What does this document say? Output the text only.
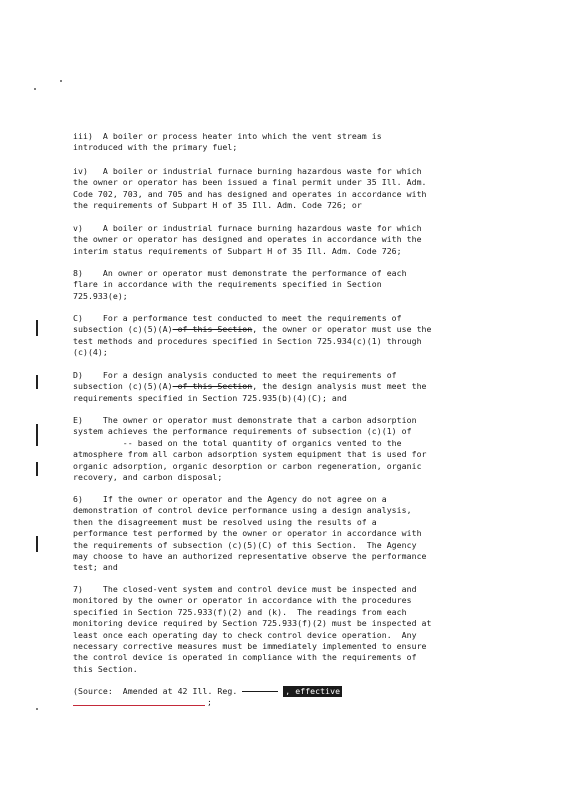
iii)  A boiler or process heater into which the vent stream is
introduced with the primary fuel;
iv)   A boiler or industrial furnace burning hazardous waste for which
the owner or operator has been issued a final permit under 35 Ill. Adm.
Code 702, 703, and 705 and has designed and operates in accordance with
the requirements of Subpart H of 35 Ill. Adm. Code 726; or
v)    A boiler or industrial furnace burning hazardous waste for which
the owner or operator has designed and operates in accordance with the
interim status requirements of Subpart H of 35 Ill. Adm. Code 726;
8)    An owner or operator must demonstrate the performance of each
flare in accordance with the requirements specified in Section
725.933(e);
C)    For a performance test conducted to meet the requirements of
subsection (c)(5)(A) of this Section, the owner or operator must use the
test methods and procedures specified in Section 725.934(c)(1) through
(c)(4);
D)    For a design analysis conducted to meet the requirements of
subsection (c)(5)(A) of this Section, the design analysis must meet the
requirements specified in Section 725.935(b)(4)(C); and
E)    The owner or operator must demonstrate that a carbon adsorption
system achieves the performance requirements of subsection (c)(1) of
-- based on the total quantity of organics vented to the
atmosphere from all carbon adsorption system equipment that is used for
organic adsorption, organic desorption or carbon regeneration, organic
recovery, and carbon disposal;
6)    If the owner or operator and the Agency do not agree on a
demonstration of control device performance using a design analysis,
then the disagreement must be resolved using the results of a
performance test performed by the owner or operator in accordance with
the requirements of subsection (c)(5)(C) of this Section.  The Agency
may choose to have an authorized representative observe the performance
test; and
7)    The closed-vent system and control device must be inspected and
monitored by the owner or operator in accordance with the procedures
specified in Section 725.933(f)(2) and (k).  The readings from each
monitoring device required by Section 725.933(f)(2) must be inspected at
least once each operating day to check control device operation.  Any
necessary corrective measures must be immediately implemented to ensure
the control device is operated in compliance with the requirements of
this Section.
(Source:  Amended at 42 Ill. Reg.	, effective
;
